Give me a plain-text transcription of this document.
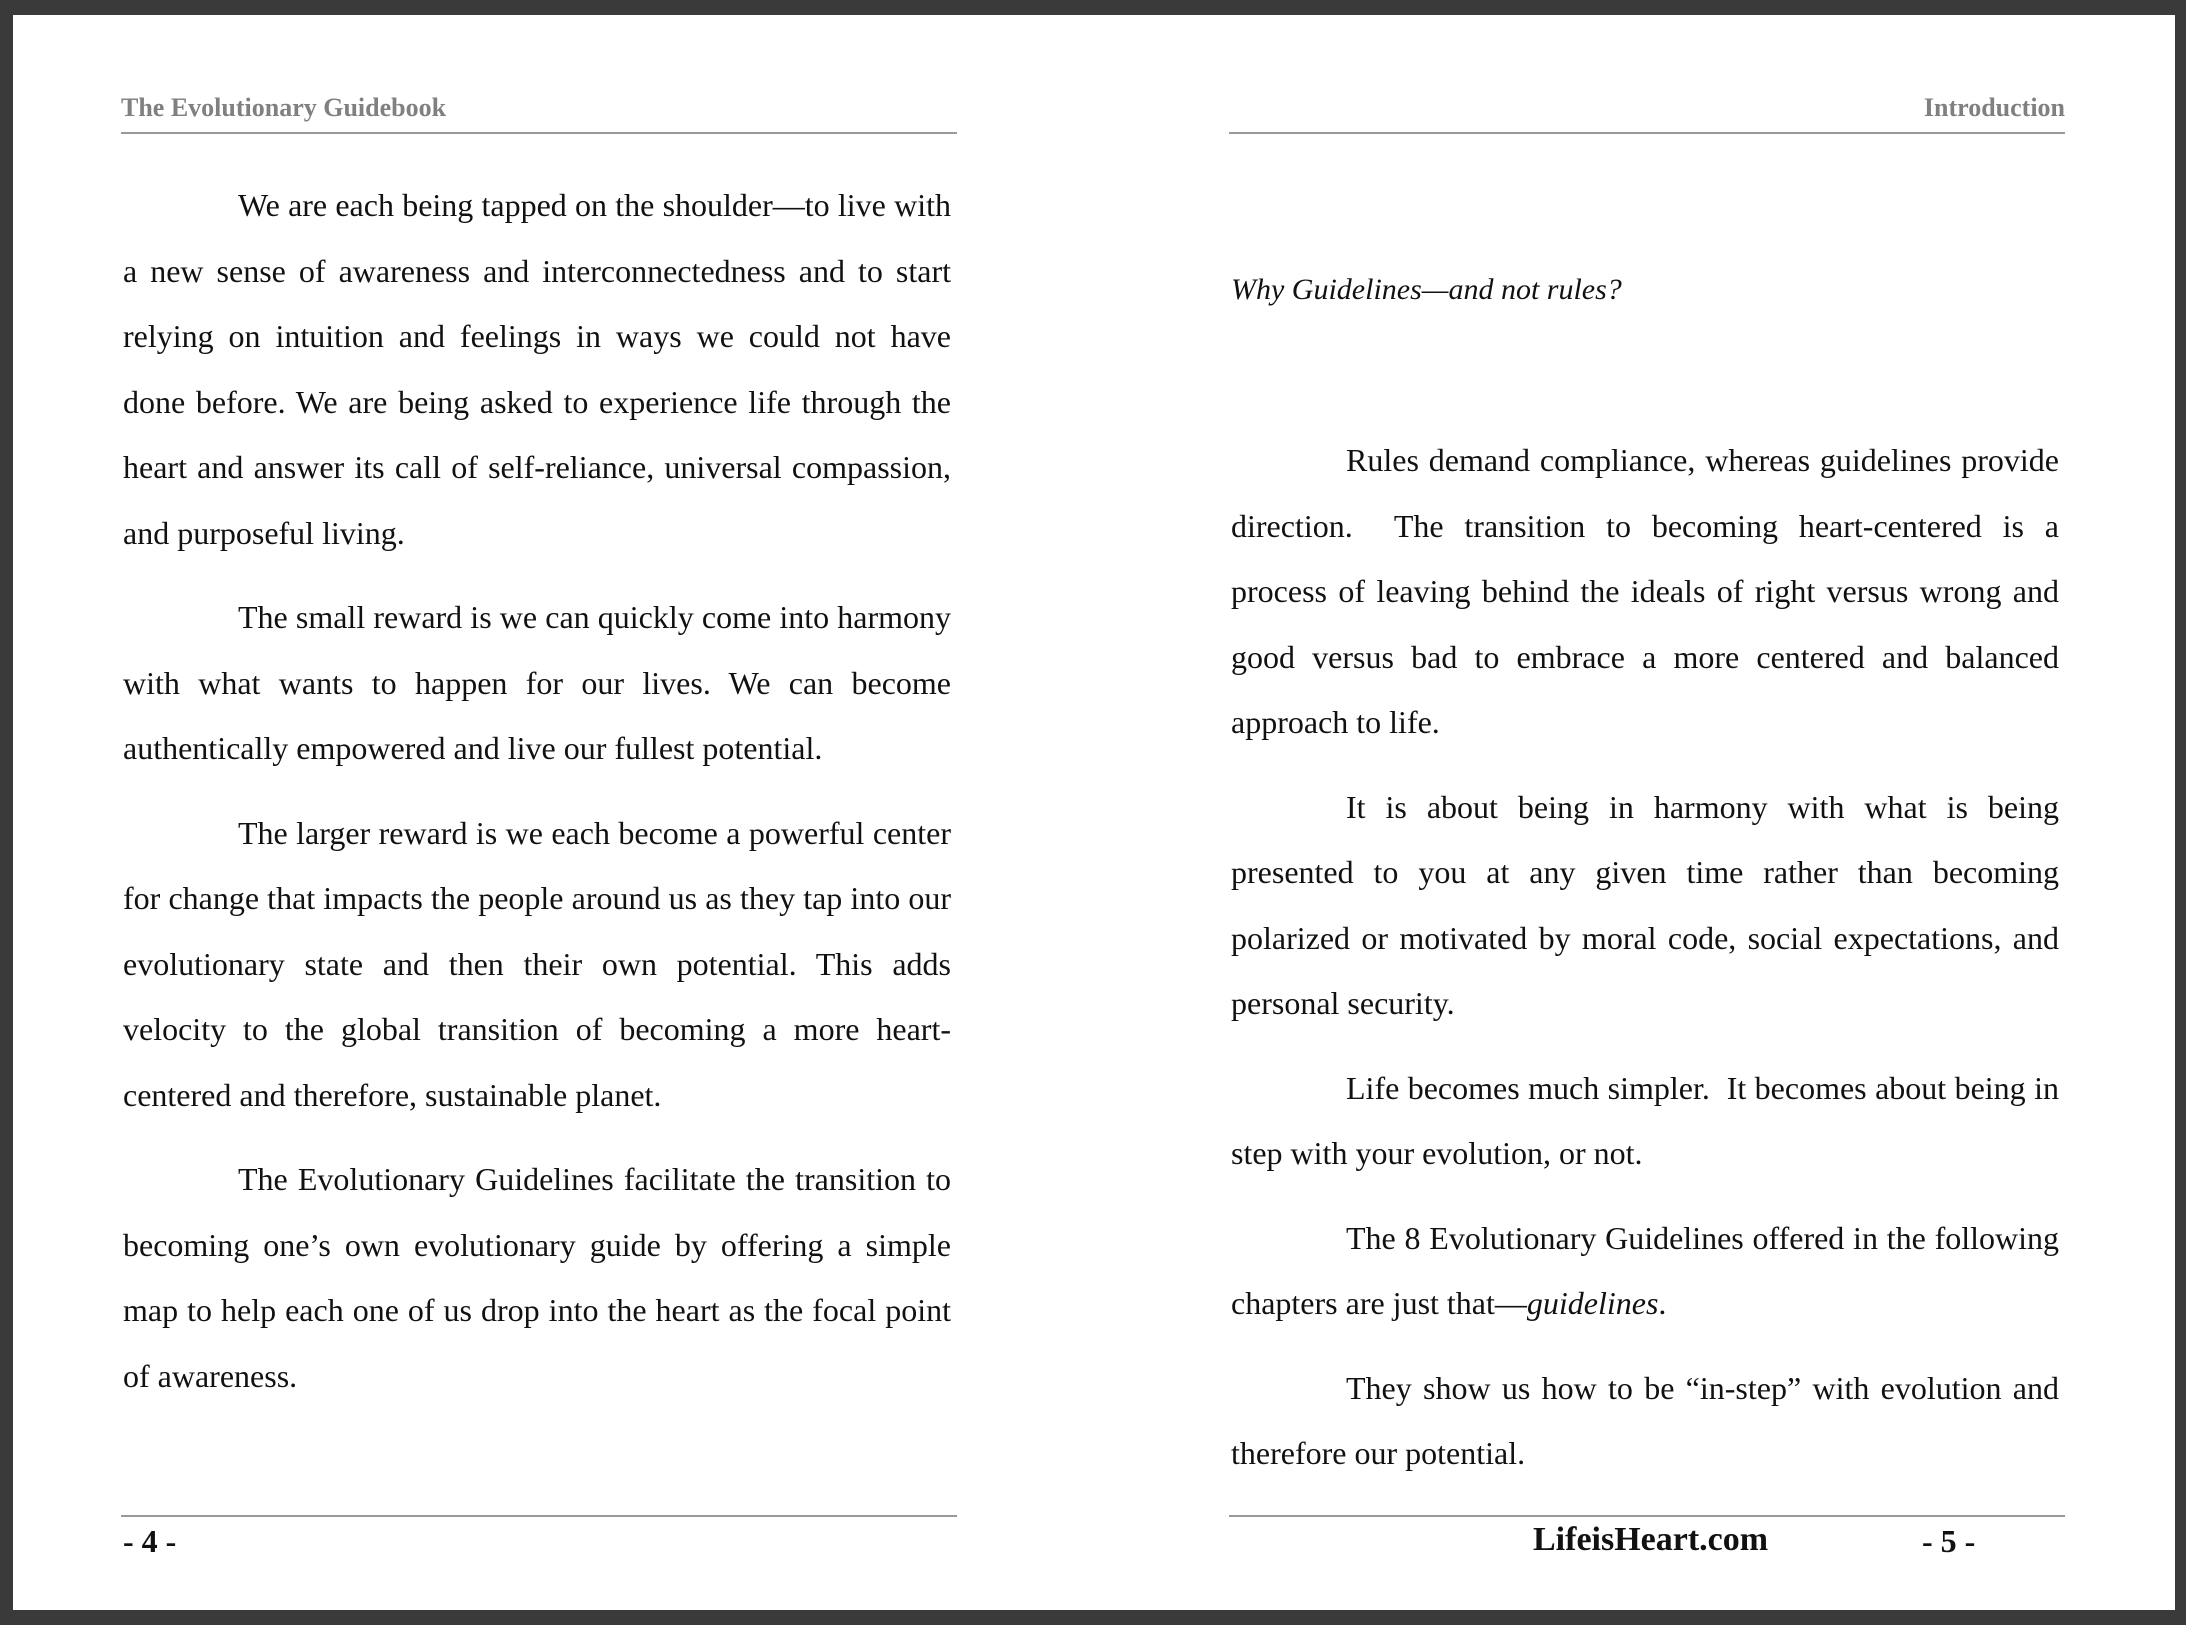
The Evolutionary Guidebook

We are each being tapped on the shoulder—to live with a new sense of awareness and interconnectedness and to start relying on intuition and feelings in ways we could not have done before. We are being asked to experience life through the heart and answer its call of self-reliance, universal compassion, and purposeful living.

The small reward is we can quickly come into harmony with what wants to happen for our lives. We can become authentically empowered and live our fullest potential.

The larger reward is we each become a powerful center for change that impacts the people around us as they tap into our evolutionary state and then their own potential. This adds velocity to the global transition of becoming a more heart-centered and therefore, sustainable planet.

The Evolutionary Guidelines facilitate the transition to becoming one’s own evolutionary guide by offering a simple map to help each one of us drop into the heart as the focal point of awareness.

- 4 -
Introduction
Why Guidelines—and not rules?

Rules demand compliance, whereas guidelines provide direction.  The transition to becoming heart-centered is a process of leaving behind the ideals of right versus wrong and good versus bad to embrace a more centered and balanced approach to life.

It is about being in harmony with what is being presented to you at any given time rather than becoming polarized or motivated by moral code, social expectations, and personal security.

Life becomes much simpler.  It becomes about being in step with your evolution, or not.

The 8 Evolutionary Guidelines offered in the following chapters are just that—guidelines.

They show us how to be “in-step” with evolution and therefore our potential.

LifeisHeart.com	- 5 -
